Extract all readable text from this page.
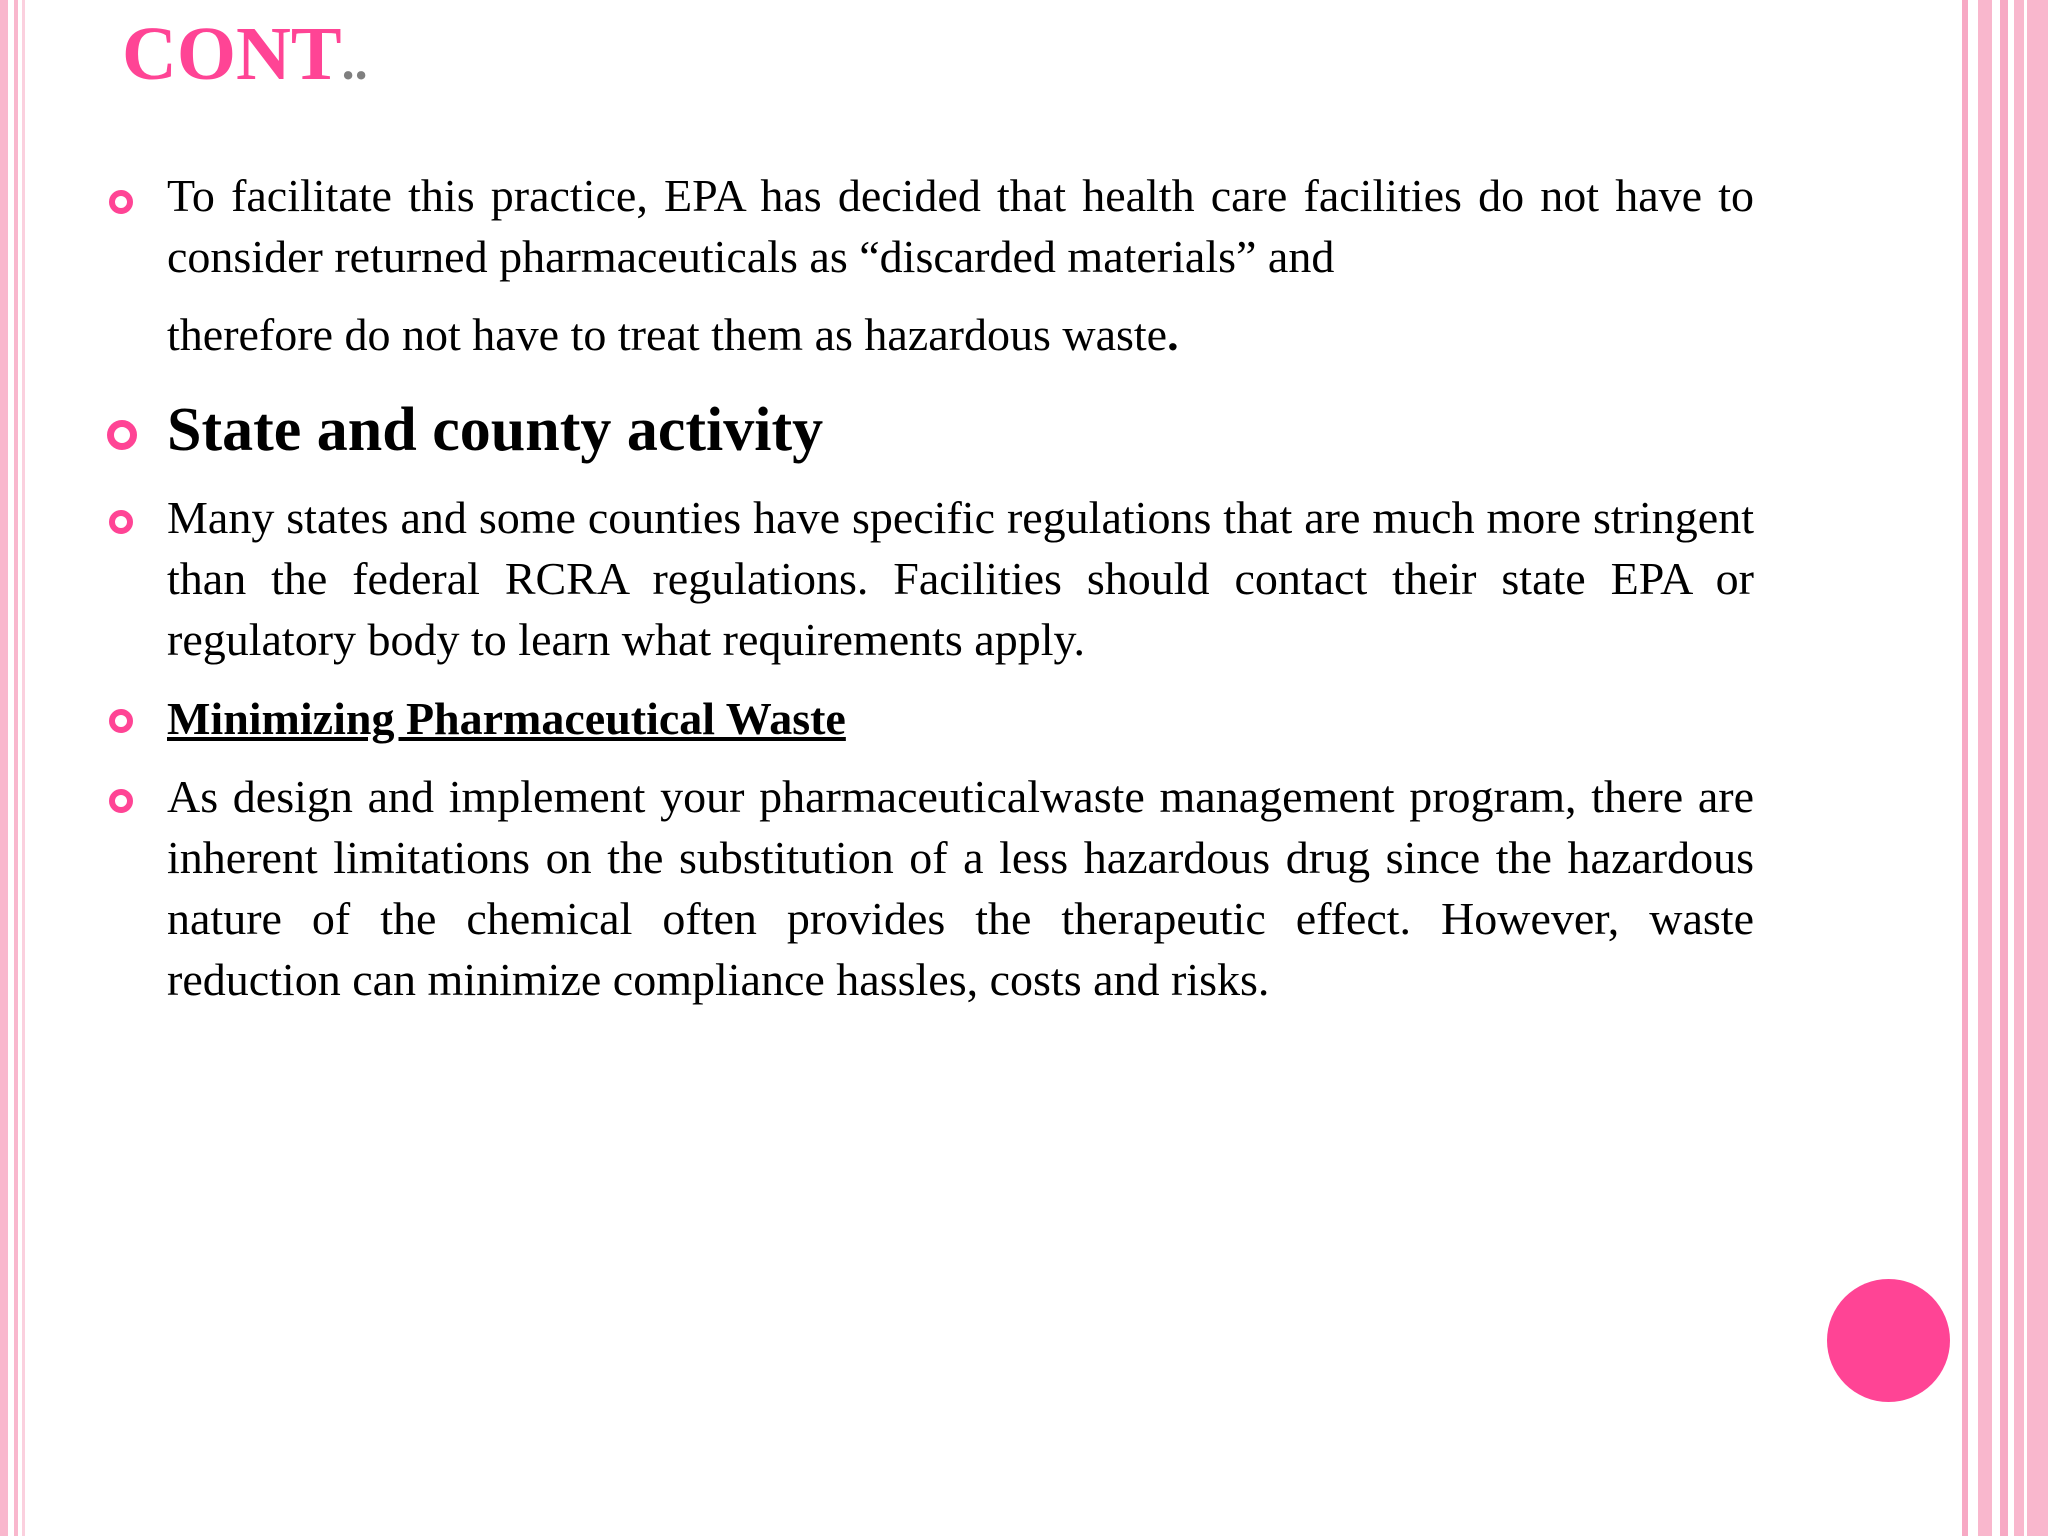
CONT..
To facilitate this practice, EPA has decided that health care facilities do not have to consider returned pharmaceuticals as “discarded materials” and
therefore do not have to treat them as hazardous waste.
State and county activity
Many states and some counties have specific regulations that are much more stringent than the federal RCRA regulations. Facilities should contact their state EPA or regulatory body to learn what requirements apply.
Minimizing Pharmaceutical Waste
As design and implement your pharmaceuticalwaste management program, there are inherent limitations on the substitution of a less hazardous drug since the hazardous nature of the chemical often provides the therapeutic effect. However, waste reduction can minimize compliance hassles, costs and risks.
